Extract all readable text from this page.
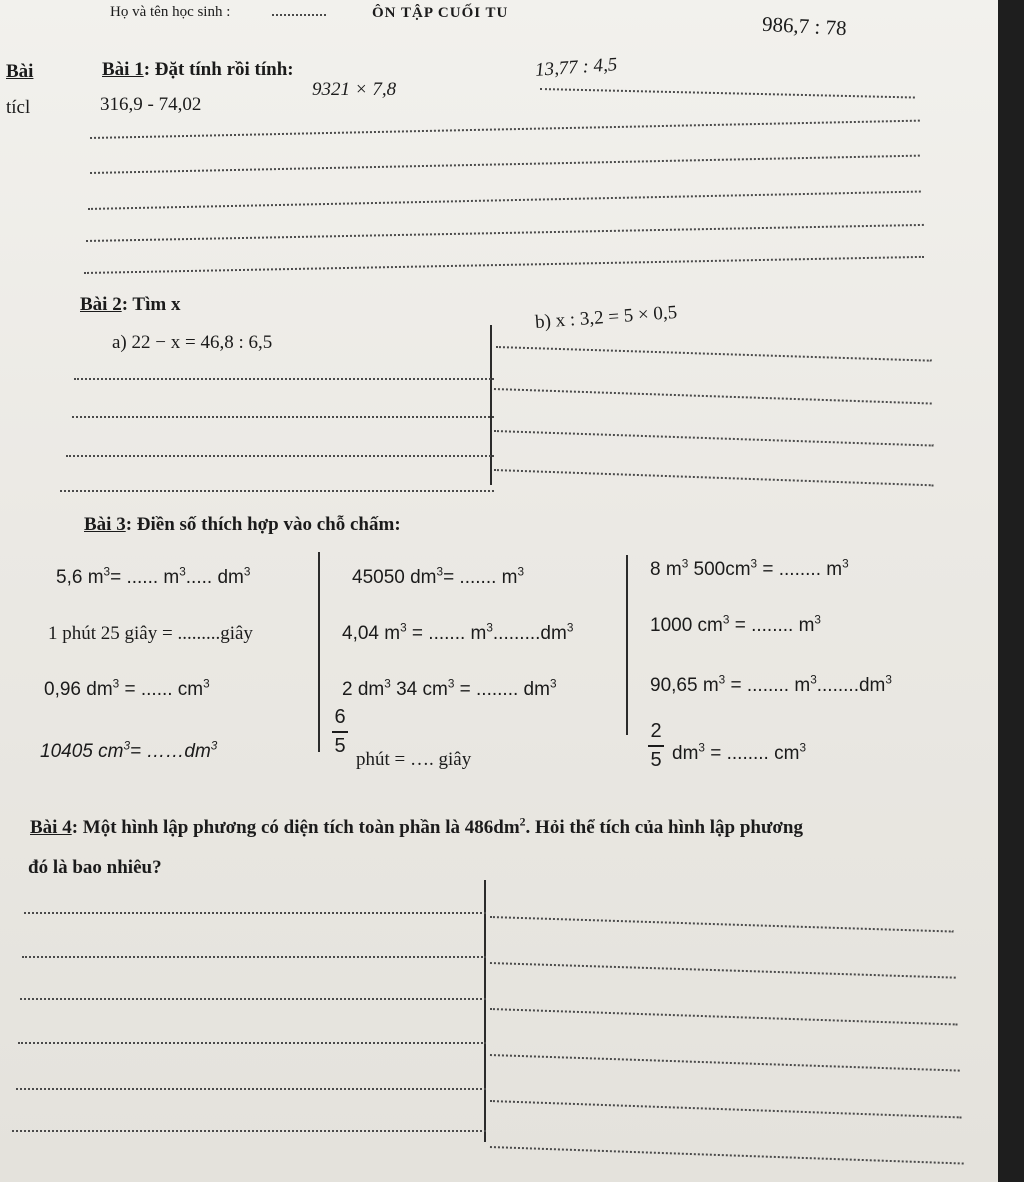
Họ và tên học sinh :	ÔN TẬP CUỐI TU
Bài
tícl
Bài 1: Đặt tính rồi tính:
316,9 - 74,02
9321 × 7,8
13,77 : 4,5
986,7 : 78
Bài 2: Tìm x
a) 22 − x = 46,8 : 6,5
b) x : 3,2 = 5 × 0,5
Bài 3: Điền số thích hợp vào chỗ chấm:
5,6 $m^3=$ ...... $m^3$..... $dm^3$
1 phút 25 giây = .........giây
0,96 $dm^3$ = ...... $cm^3$
10405 $cm^3=$ $\dots\dots dm^3$
45050 $dm^3=$ ....... $m^3$
4,04 $m^3$ = ....... $m^3.........dm^3$
2 $dm^3$ 34 $cm^3$ = ........ $dm^3$
6
5
phút = …. giây
8 $m^3$ $500cm^3$ = ........ $m^3$
1000 $cm^3$ = ........ $m^3$
90,65 $m^3$ = ........ $m^3........dm^3$
2
5 $dm^3$ = ........ $cm^3$
Bài 4: Một hình lập phương có diện tích toàn phần là $486dm^2$. Hỏi thể tích của hình lập phương
đó là bao nhiêu?
